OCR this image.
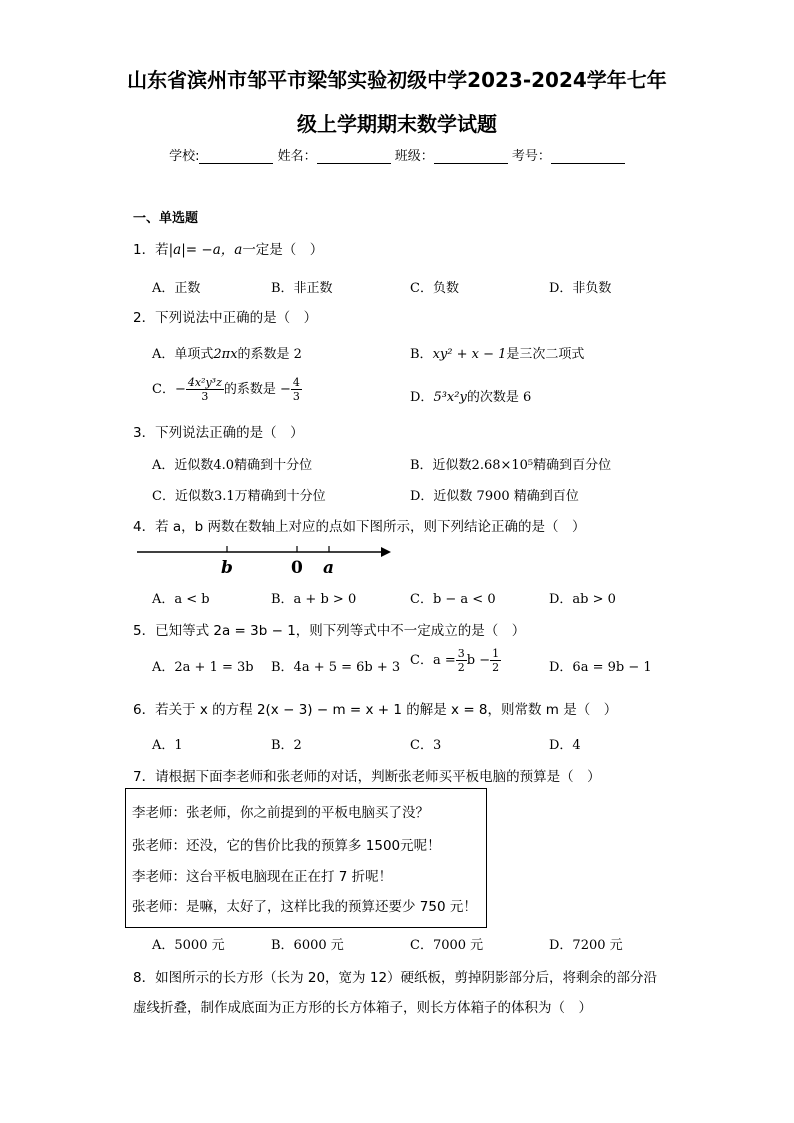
山东省滨州市邹平市梁邹实验初级中学2023-2024学年七年
级上学期期末数学试题
学校:	姓名：	班级：	考号：
一、单选题
1．若|a|= −a，a一定是（　）
A．正数	B．非正数	C．负数	D．非负数
2．下列说法中正确的是（　）
A．单项式2πx的系数是 2	B．xy² + x − 1是三次二项式
C．− $\frac{\text{4x²y³z}}{3}$ 的系数是 − $\frac{4}{3}$	D．5³x²y的次数是 6
3．下列说法正确的是（　）
A．近似数4.0精确到十分位	B．近似数2.68×10⁵精确到百分位
C．近似数3.1万精确到十分位	D．近似数 7900 精确到百位
4．若 a，b 两数在数轴上对应的点如下图所示，则下列结论正确的是（　）
b	0 a
A．a < b	B．a + b > 0	C．b − a < 0	D．ab > 0
5．已知等式 2a = 3b − 1，则下列等式中不一定成立的是（　）
A．2a + 1 = 3b B．4a + 5 = 6b + 3 C．$a = \frac{3}{2}$ $b - \frac{1}{2}$	D．6a = 9b − 1
6．若关于 x 的方程 2(x − 3) − m = x + 1 的解是 x = 8，则常数 m 是（　）
A．1	B．2	C．3	D．4
7．请根据下面李老师和张老师的对话，判断张老师买平板电脑的预算是（　）
李老师：张老师，你之前提到的平板电脑买了没？
张老师：还没，它的售价比我的预算多 1500元呢！
李老师：这台平板电脑现在正在打 7 折呢！
张老师：是嘛，太好了，这样比我的预算还要少 750 元！
A．5000 元	B．6000 元	C．7000 元	D．7200 元
8．如图所示的长方形（长为 20，宽为 12）硬纸板，剪掉阴影部分后，将剩余的部分沿
虚线折叠，制作成底面为正方形的长方体箱子，则长方体箱子的体积为（　）
